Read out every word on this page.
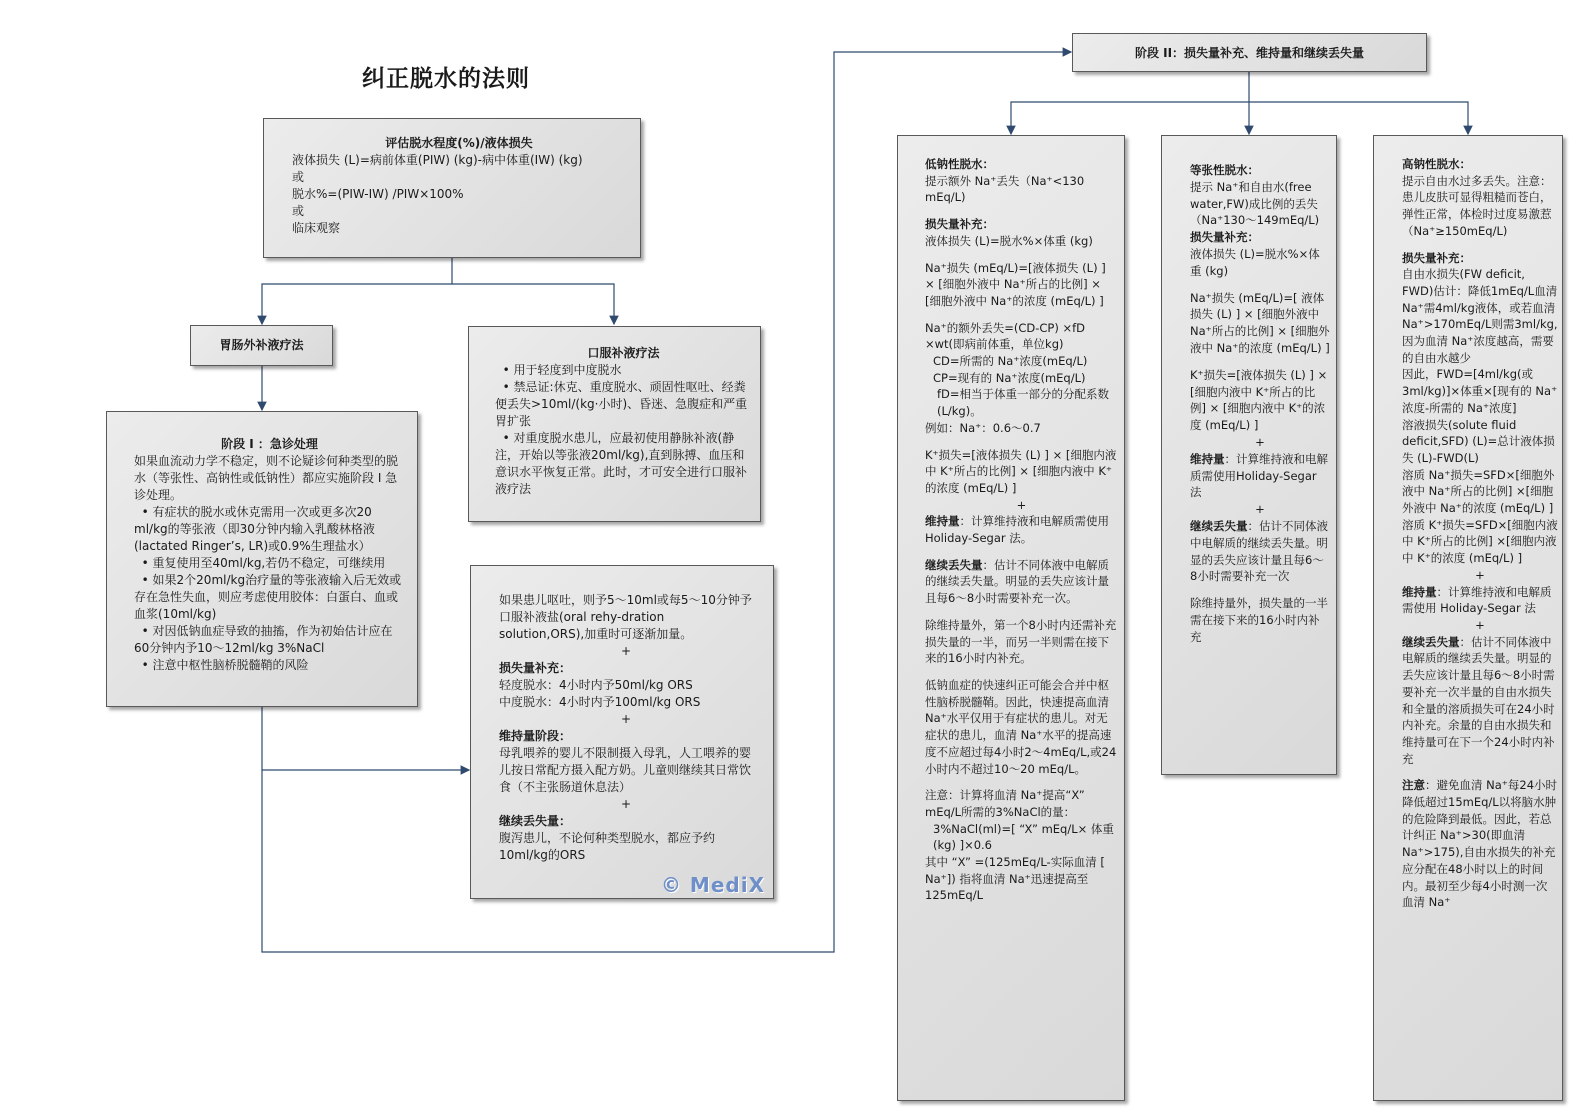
纠正脱水的法则
评估脱水程度(%)/液体损失
液体损失 (L)=病前体重(PIW) (kg)-病中体重(IW) (kg)
或
脱水%=(PIW-IW) /PIW×100%
或
临床观察
胃肠外补液疗法
口服补液疗法
• 用于轻度到中度脱水
• 禁忌证:休克、重度脱水、顽固性呕吐、经粪便丢失>10ml/(kg·小时)、昏迷、急腹症和严重胃扩张
• 对重度脱水患儿，应最初使用静脉补液(静注，开始以等张液20ml/kg),直到脉搏、血压和意识水平恢复正常。此时，才可安全进行口服补液疗法
阶段 I ：急诊处理
如果血流动力学不稳定，则不论疑诊何种类型的脱水（等张性、高钠性或低钠性）都应实施阶段 I 急诊处理。
• 有症状的脱水或休克需用一次或更多次20 ml/kg的等张液（即30分钟内输入乳酸林格液(lactated Ringer’s, LR)或0.9%生理盐水）
• 重复使用至40ml/kg,若仍不稳定，可继续用
• 如果2个20ml/kg治疗量的等张液输入后无效或存在急性失血，则应考虑使用胶体：白蛋白、血或血浆(10ml/kg)
• 对因低钠血症导致的抽搐，作为初始估计应在60分钟内予10～12ml/kg 3%NaCl
• 注意中枢性脑桥脱髓鞘的风险
如果患儿呕吐，则予5～10ml或每5～10分钟予口服补液盐(oral rehy-dration solution,ORS),加重时可逐渐加量。
+
损失量补充：
轻度脱水：4小时内予50ml/kg ORS
中度脱水：4小时内予100ml/kg ORS
+
维持量阶段：
母乳喂养的婴儿不限制摄入母乳，人工喂养的婴儿按日常配方摄入配方奶。儿童则继续其日常饮食（不主张肠道休息法）
+
继续丢失量：
腹泻患儿，不论何种类型脱水，都应予约10ml/kg的ORS
© MediX
阶段 II：损失量补充、维持量和继续丢失量
低钠性脱水：
提示额外 Na⁺丢失（Na⁺<130 mEq/L)
损失量补充：
液体损失 (L)=脱水%×体重 (kg)
Na⁺损失 (mEq/L)=[液体损失 (L) ] × [细胞外液中 Na⁺所占的比例] × [细胞外液中 Na⁺的浓度 (mEq/L) ]
Na⁺的额外丢失=(CD-CP) ×fD ×wt(即病前体重，单位kg)
CD=所需的 Na⁺浓度(mEq/L)
CP=现有的 Na⁺浓度(mEq/L)
fD=相当于体重一部分的分配系数(L/kg)。
例如：Na⁺：0.6～0.7
K⁺损失=[液体损失 (L) ] × [细胞内液中 K⁺所占的比例] × [细胞内液中 K⁺的浓度 (mEq/L) ]
+
维持量：计算维持液和电解质需使用Holiday-Segar 法。
继续丢失量：估计不同体液中电解质的继续丢失量。明显的丢失应该计量且每6～8小时需要补充一次。
除维持量外，第一个8小时内还需补充损失量的一半，而另一半则需在接下来的16小时内补充。
低钠血症的快速纠正可能会合并中枢性脑桥脱髓鞘。因此，快速提高血清 Na⁺水平仅用于有症状的患儿。对无症状的患儿，血清 Na⁺水平的提高速度不应超过每4小时2～4mEq/L,或24小时内不超过10～20 mEq/L。
注意：计算将血清 Na⁺提高“X” mEq/L所需的3%NaCl的量：
3%NaCl(ml)=[ “X” mEq/L× 体重 (kg) ]×0.6
其中 “X” =(125mEq/L-实际血清 [ Na⁺]) 指将血清 Na⁺迅速提高至125mEq/L
等张性脱水：
提示 Na⁺和自由水(free water,FW)成比例的丢失（Na⁺130～149mEq/L)
损失量补充：
液体损失 (L)=脱水%×体重 (kg)
Na⁺损失 (mEq/L)=[ 液体损失 (L) ] × [细胞外液中 Na⁺所占的比例] × [细胞外液中 Na⁺的浓度 (mEq/L) ]
K⁺损失=[液体损失 (L) ] × [细胞内液中 K⁺所占的比例] × [细胞内液中 K⁺的浓度 (mEq/L) ]
+
维持量：计算维持液和电解质需使用Holiday-Segar 法
+
继续丢失量：估计不同体液中电解质的继续丢失量。明显的丢失应该计量且每6～8小时需要补充一次
除维持量外，损失量的一半需在接下来的16小时内补充
高钠性脱水：
提示自由水过多丢失。注意：患儿皮肤可显得粗糙而苍白，弹性正常，体检时过度易激惹（Na⁺≥150mEq/L)
损失量补充：
自由水损失(FW deficit, FWD)估计：降低1mEq/L血清 Na⁺需4ml/kg液体，或若血清 Na⁺>170mEq/L则需3ml/kg,因为血清 Na⁺浓度越高，需要的自由水越少
因此，FWD=[4ml/kg(或3ml/kg)]×体重×[现有的 Na⁺浓度-所需的 Na⁺浓度]
溶液损失(solute fluid deficit,SFD) (L)=总计液体损失 (L)-FWD(L)
溶质 Na⁺损失=SFD×[细胞外液中 Na⁺所占的比例] ×[细胞外液中 Na⁺的浓度 (mEq/L) ]
溶质 K⁺损失=SFD×[细胞内液中 K⁺所占的比例] ×[细胞内液中 K⁺的浓度 (mEq/L) ]
+
维持量：计算维持液和电解质需使用 Holiday-Segar 法
+
继续丢失量：估计不同体液中电解质的继续丢失量。明显的丢失应该计量且每6～8小时需要补充一次半量的自由水损失和全量的溶质损失可在24小时内补充。余量的自由水损失和维持量可在下一个24小时内补充
注意：避免血清 Na⁺每24小时降低超过15mEq/L以将脑水肿的危险降到最低。因此，若总计纠正 Na⁺>30(即血清 Na⁺>175),自由水损失的补充应分配在48小时以上的时间内。最初至少每4小时测一次血清 Na⁺
